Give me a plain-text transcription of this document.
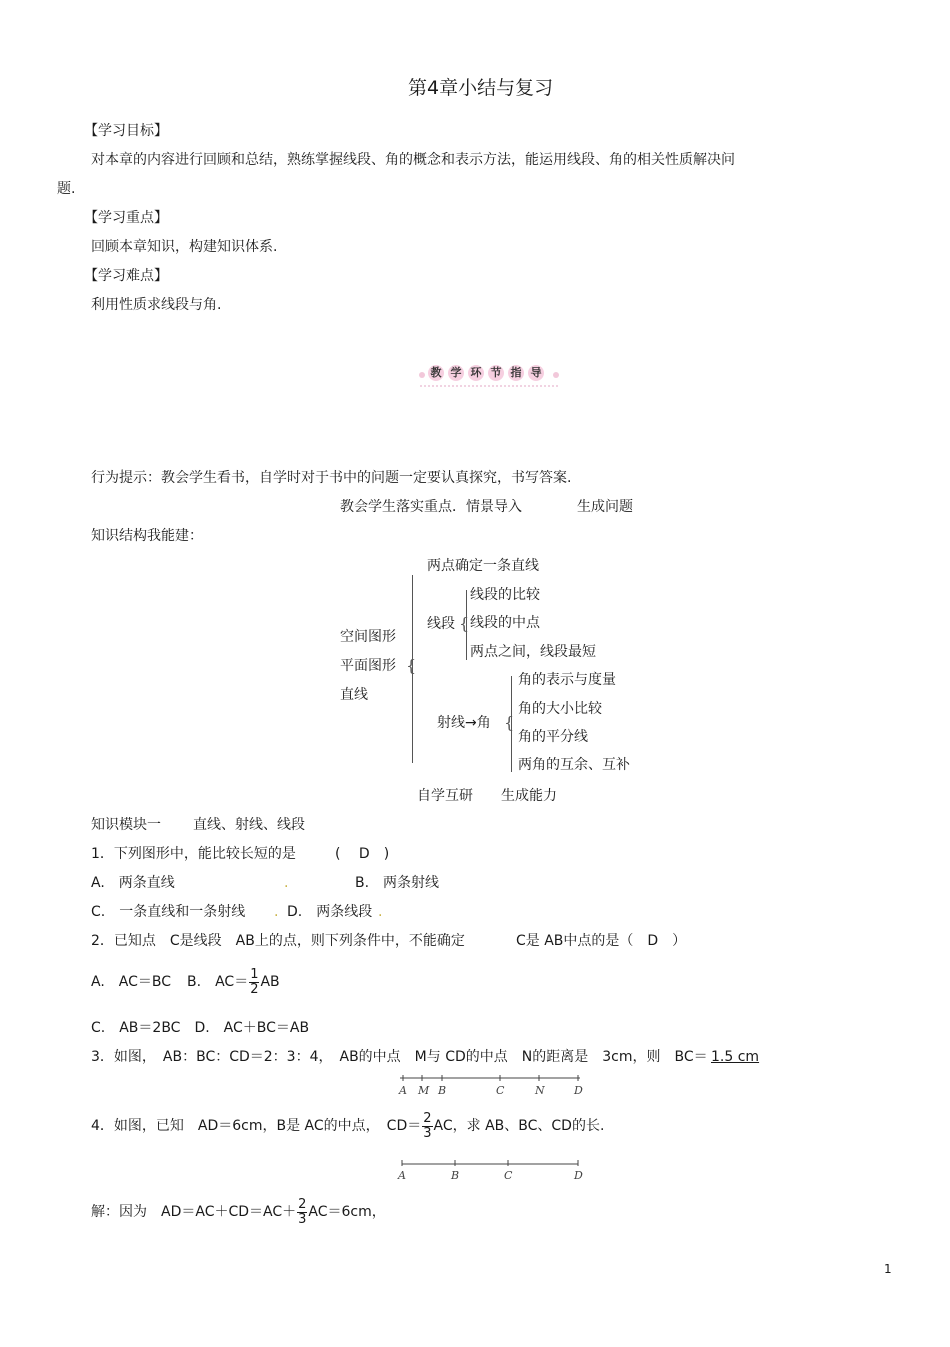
第4章小结与复习
【学习目标】
对本章的内容进行回顾和总结，熟练掌握线段、角的概念和表示方法，能运用线段、角的相关性质解决问
题.
【学习重点】
回顾本章知识，构建知识体系.
【学习难点】
利用性质求线段与角.
教 学 环 节 指 导
行为提示：教会学生看书，自学时对于书中的问题一定要认真探究，书写答案.
教会学生落实重点．情景导入	生成问题
知识结构我能建：
空间图形
平面图形
直线
{
两点确定一条直线
线段 {
线段的比较
线段的中点
两点之间，线段最短
射线→角 {
角的表示与度量
角的大小比较
角的平分线
两角的互余、互补
自学互研 生成能力
知识模块一 直线、射线、线段
1．下列图形中，能比较长短的是	(　 D　)
A.　两条直线	.	B.　两条射线
C.　一条直线和一条射线 . D.　两条线段 .
2．已知点　C是线段　AB上的点，则下列条件中，不能确定	C是 AB中点的是（　D　）
A.　AC＝BC B.　$AC= \frac{1}{2}$ AB
C.　AB＝2BC　D.　AC＋BC＝AB
3．如图，　AB：BC：CD＝2：3：4，　AB的中点　M与 CD的中点　N的距离是　3cm，则　BC＝ 1.5 cm
A M B	C	N	D
4．如图，已知　AD＝6cm，B是 AC的中点，　$CD= \frac{2}{3}$ AC，求 AB、BC、CD的长.
A	B	C	D
解：因为　$AD=AC+CD=AC+ \frac{2}{3} AC=6cm$，
1
